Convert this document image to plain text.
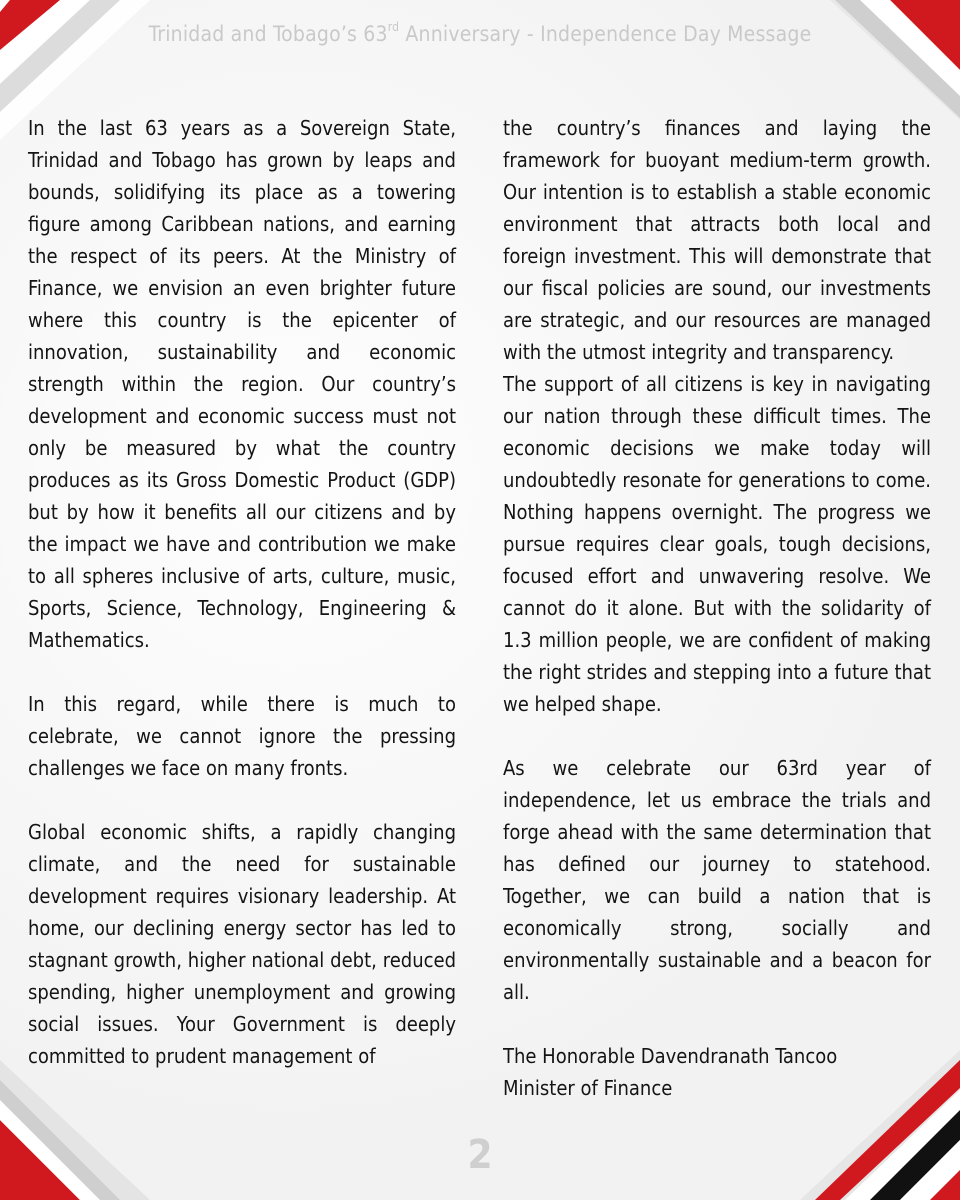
Trinidad and Tobago’s 63rd Anniversary - Independence Day Message

In the last 63 years as a Sovereign State, Trinidad and Tobago has grown by leaps and bounds, solidifying its place as a towering figure among Caribbean nations, and earning the respect of its peers. At the Ministry of Finance, we envision an even brighter future where this country is the epicenter of innovation, sustainability and economic strength within the region. Our country’s development and economic success must not only be measured by what the country produces as its Gross Domestic Product (GDP) but by how it benefits all our citizens and by the impact we have and contribution we make to all spheres inclusive of arts, culture, music, Sports, Science, Technology, Engineering & Mathematics.

In this regard, while there is much to celebrate, we cannot ignore the pressing challenges we face on many fronts.

Global economic shifts, a rapidly changing climate, and the need for sustainable development requires visionary leadership. At home, our declining energy sector has led to stagnant growth, higher national debt, reduced spending, higher unemployment and growing social issues. Your Government is deeply committed to prudent management of

the country’s finances and laying the framework for buoyant medium-term growth. Our intention is to establish a stable economic environment that attracts both local and foreign investment. This will demonstrate that our fiscal policies are sound, our investments are strategic, and our resources are managed with the utmost integrity and transparency.

The support of all citizens is key in navigating our nation through these difficult times. The economic decisions we make today will undoubtedly resonate for generations to come. Nothing happens overnight. The progress we pursue requires clear goals, tough decisions, focused effort and unwavering resolve. We cannot do it alone. But with the solidarity of 1.3 million people, we are confident of making the right strides and stepping into a future that we helped shape.

As we celebrate our 63rd year of independence, let us embrace the trials and forge ahead with the same determination that has defined our journey to statehood. Together, we can build a nation that is economically strong, socially and environmentally sustainable and a beacon for all.

The Honorable Davendranath Tancoo

Minister of Finance

2
